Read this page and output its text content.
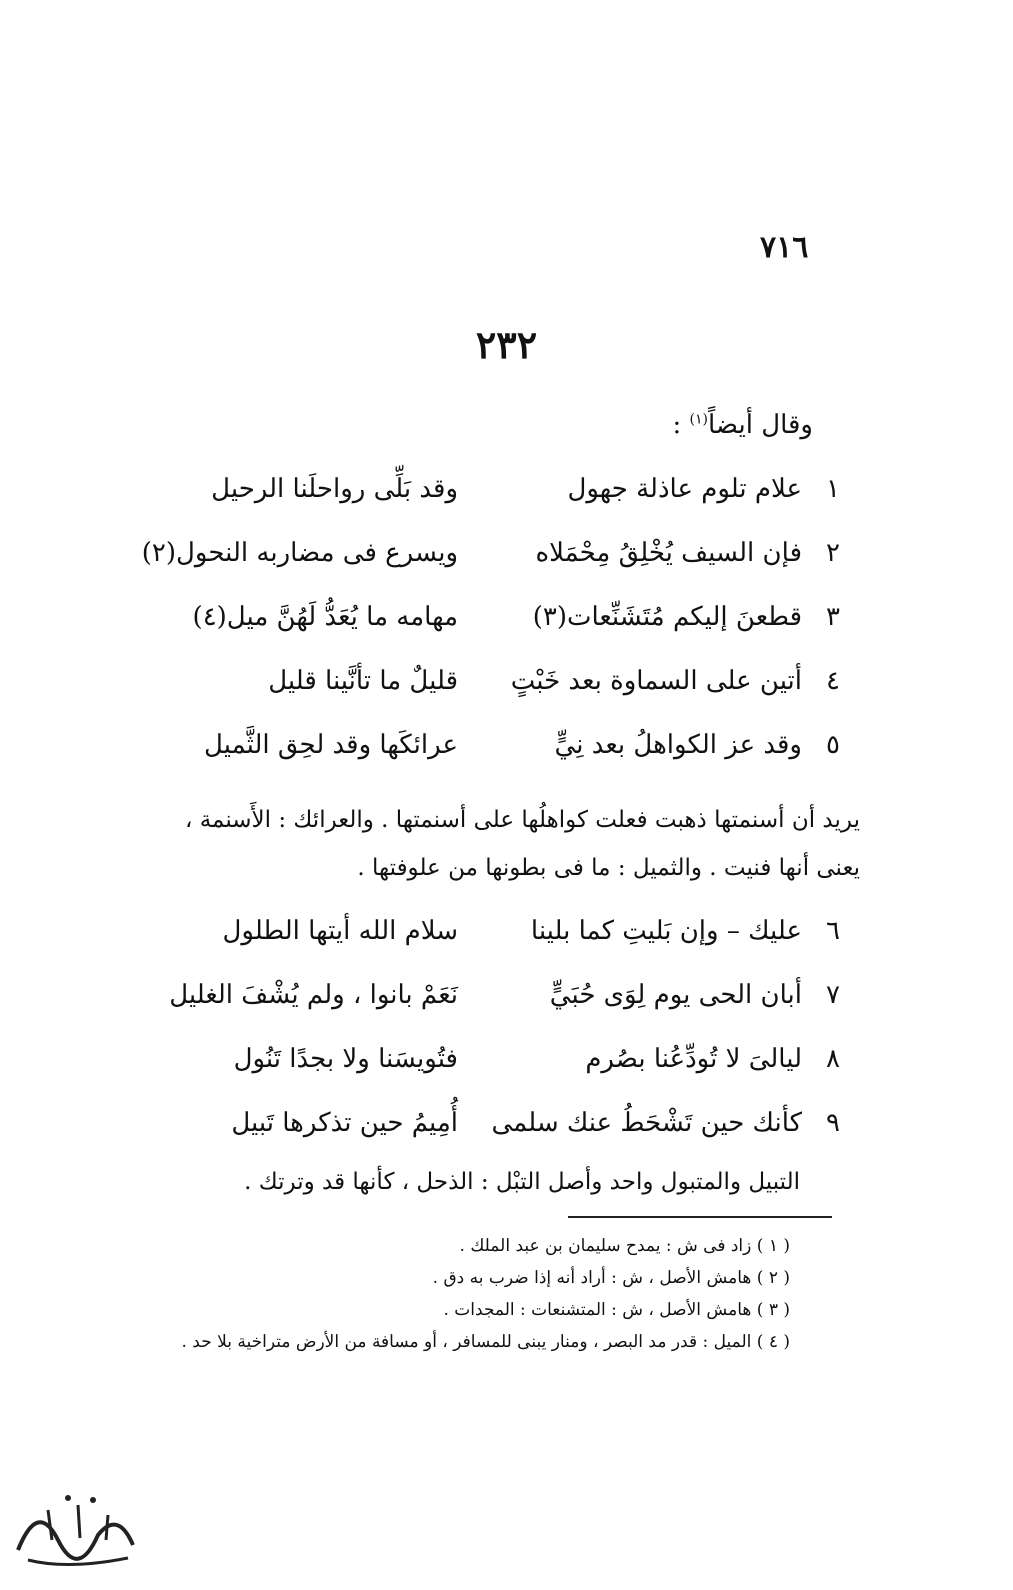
٧١٦
٢٣٢
وقال أيضاً$^{(١)}$ :
١
علام تلوم عاذلة جهول
وقد بَلِّى رواحلَنا الرحيل
٢
فإن السيف يُخْلِقُ مِحْمَلاه
ويسرع فى مضاربه النحول(٢)
٣
قطعنَ إليكم مُتَشَنِّعات(٣)
مهامه ما يُعَدُّ لَهُنَّ ميل(٤)
٤
أتين على السماوة بعد خَبْتٍ
قليلٌ ما تأنَّينا قليل
٥
وقد عز الكواهلُ بعد نِيٍّ
عرائكَها وقد لحِق الثَّميل
يريد أن أسنمتها ذهبت فعلت كواهلُها على أسنمتها . والعرائك : الأَسنمة ، يعنى أنها فنيت . والثميل : ما فى بطونها من علوفتها .
٦
عليك – وإن بَليتِ كما بلينا
سلام الله أيتها الطلول
٧
أبان الحى يوم لِوَى حُبَيٍّ
نَعَمْ بانوا ، ولم يُشْفَ الغليل
٨
ليالىَ لا تُودِّعُنا بصُرم
فتُويسَنا ولا بجدًا تَنُول
٩
كأنك حين تَشْحَطُ عنك سلمى
أُمِيمُ حين تذكرها تَبيل
التبيل والمتبول واحد وأصل التبْل : الذحل ، كأنها قد وترتك .
( ١ ) زاد فى ش : يمدح سليمان بن عبد الملك .
( ٢ ) هامش الأصل ، ش : أراد أنه إذا ضرب به دق .
( ٣ ) هامش الأصل ، ش : المتشنعات : المجدات .
( ٤ ) الميل : قدر مد البصر ، ومنار يبنى للمسافر ، أو مسافة من الأرض متراخية بلا حد .
